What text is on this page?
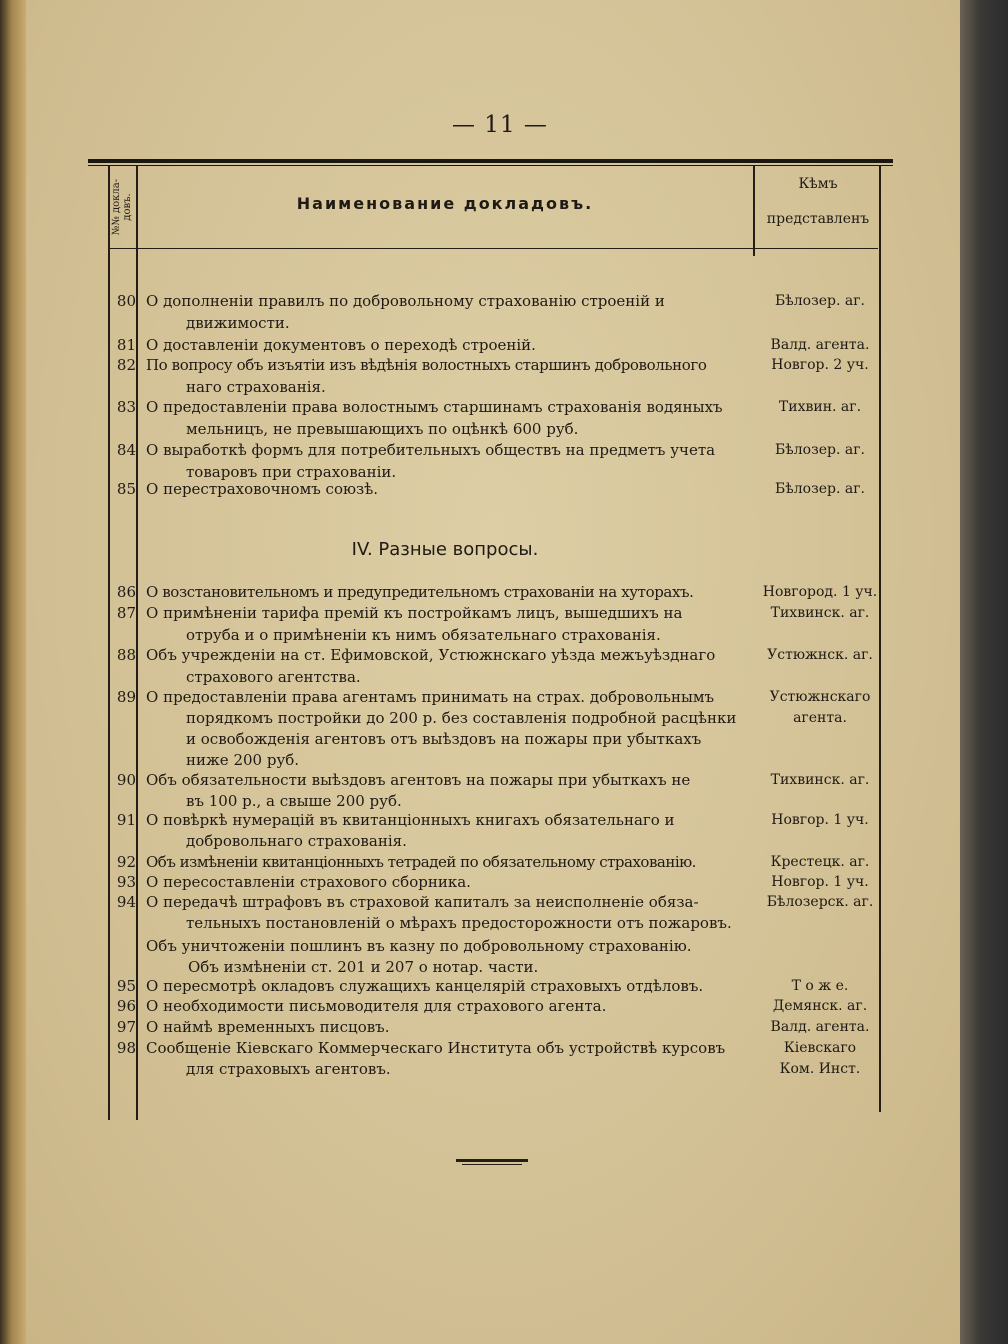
— 11 —
№№ докла-довъ.	Наименование докладовъ.
Кѣмъ
представленъ
80 О дополненіи правилъ по добровольному страхованію строеній и	Бѣлозер. аг.
движимости.
81 О доставленіи документовъ о переходѣ строеній.	Валд. агента.
82 По вопросу объ изъятіи изъ вѣдѣнія волостныхъ старшинъ добровольного	Новгор. 2 уч.
наго страхованія.
83 О предоставленіи права волостнымъ старшинамъ страхованія водяныхъ	Тихвин. аг.
мельницъ, не превышающихъ по оцѣнкѣ 600 руб.
84 О выработкѣ формъ для потребительныхъ обществъ на предметъ учета	Бѣлозер. аг.
товаровъ при страхованіи.
85 О перестраховочномъ союзѣ.	Бѣлозер. аг.
IV. Разные вопросы.
86 О возстановительномъ и предупредительномъ страхованіи на хуторахъ.	Новгород. 1 уч.
87 О примѣненіи тарифа премій къ постройкамъ лицъ, вышедшихъ на	Тихвинск. аг.
отруба и о примѣненіи къ нимъ обязательнаго страхованія.
88 Объ учрежденіи на ст. Ефимовской, Устюжнскаго уѣзда межъуѣзднаго	Устюжнск. аг.
страхового агентства.
89 О предоставленіи права агентамъ принимать на страх. добровольнымъ	Устюжнскаго
порядкомъ постройки до 200 р. без составленія подробной расцѣнки	агента.
и освобожденія агентовъ отъ выѣздовъ на пожары при убыткахъ
ниже 200 руб.
90 Объ обязательности выѣздовъ агентовъ на пожары при убыткахъ не	Тихвинск. аг.
въ 100 р., а свыше 200 руб.
91 О повѣркѣ нумерацій въ квитанціонныхъ книгахъ обязательнаго и	Новгор. 1 уч.
добровольнаго страхованія.
92 Объ измѣненіи квитанціонныхъ тетрадей по обязательному страхованію.	Крестецк. аг.
93 О пересоставленіи страхового сборника.	Новгор. 1 уч.
94 О передачѣ штрафовъ въ страховой капиталъ за неисполненіе обяза-	Бѣлозерск. аг.
тельныхъ постановленій о мѣрахъ предосторожности отъ пожаровъ.
Объ уничтоженіи пошлинъ въ казну по добровольному страхованію.
Объ измѣненіи ст. 201 и 207 о нотар. части.
95 О пересмотрѣ окладовъ служащихъ канцелярій страховыхъ отдѣловъ.	Т о ж е.
96 О необходимости письмоводителя для страхового агента.	Демянск. аг.
97 О наймѣ временныхъ писцовъ.	Валд. агента.
98 Сообщеніе Кіевскаго Коммерческаго Института объ устройствѣ курсовъ	Кіевскаго
для страховыхъ агентовъ.	Ком. Инст.
